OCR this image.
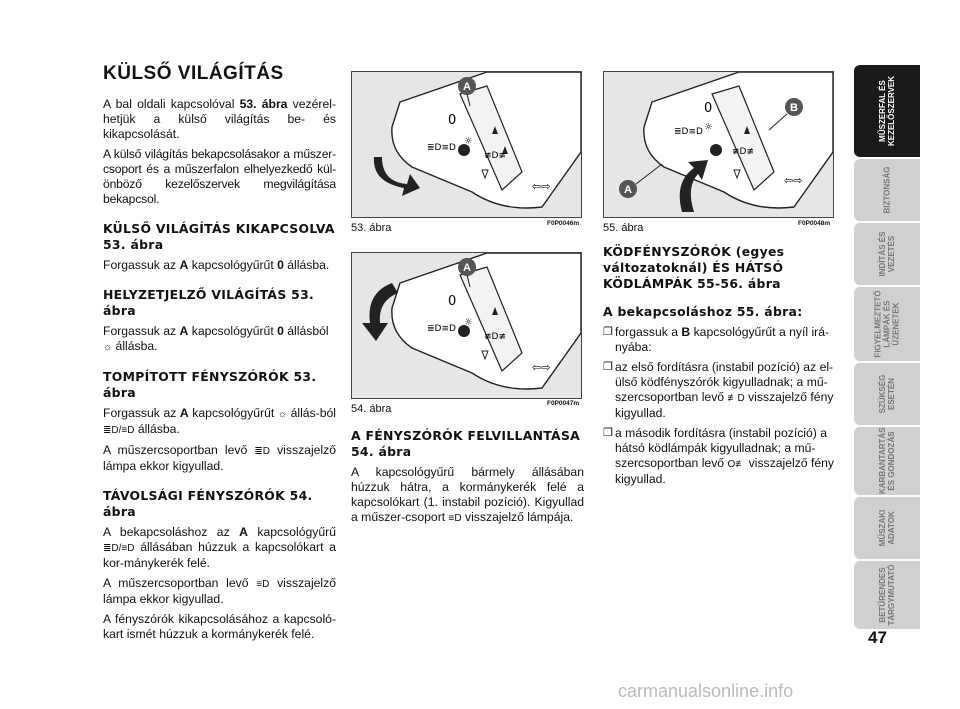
KÜLSŐ VILÁGÍTÁS

A bal oldali kapcsolóval 53. ábra vezérel-hetjük a külső világítás be- és kikapcsolását.

A külső világítás bekapcsolásakor a műszer-csoport és a műszerfalon elhelyezkedő kül-önböző kezelőszervek megvilágítása bekapcsol.

KÜLSŐ VILÁGÍTÁS KIKAPCSOLVA 53. ábra

Forgassuk az A kapcsológyűrűt 0 állásba.

HELYZETJELZŐ VILÁGÍTÁS 53. ábra

Forgassuk az A kapcsológyűrűt 0 állásból
☼ állásba.

TOMPÍTOTT FÉNYSZÓRÓK 53. ábra

Forgassuk az A kapcsológyűrűt ☼ állás-ból ≣D/≡D állásba.

A műszercsoportban levő ≣D visszajelző lámpa ekkor kigyullad.

TÁVOLSÁGI FÉNYSZÓRÓK 54. ábra

A bekapcsoláshoz az A kapcsológyűrű ≣D/≡D állásában húzzuk a kapcsolókart a kor-mánykerék felé.

A műszercsoportban levő ≡D visszajelző lámpa ekkor kigyullad.

A fényszórók kikapcsolásához a kapcsoló-kart ismét húzzuk a kormánykerék felé.

0
☼
≣D≡D
≢D≢
⇦⇨
A
53. ábra	F0P0046m
0
☼
≣D≡D
≢D≢
⇦⇨
A
54. ábra	F0P0047m
A FÉNYSZÓRÓK FELVILLANTÁSA 54. ábra

A kapcsológyűrű bármely állásában húzzuk hátra, a kormánykerék felé a kapcsolókart (1. instabil pozíció). Kigyullad a műszer-csoport ≡D visszajelző lámpája.

0
☼
≣D≡D
≢D≢
⇦⇨
B
A
55. ábra	F0P0048m
KÖDFÉNYSZÓRÓK (egyes változatoknál) ÉS HÁTSÓ KÖDLÁMPÁK 55-56. ábra
A bekapcsoláshoz 55. ábra:
❐ forgassuk a B kapcsológyűrűt a nyíl irá-nyába:
❐ az első fordításra (instabil pozíció) az el-ülső ködfényszórók kigyulladnak; a mű-szercsoportban levő ≢D visszajelző fény kigyullad.
❐ a második fordításra (instabil pozíció) a hátsó ködlámpák kigyulladnak; a mű-szercsoportban levő O≢ visszajelző fény kigyullad.
MŰSZERFAL ÉS KEZELŐSZERVEK
BIZTONSÁG
INDÍTÁS ÉS VEZETÉS
FIGYELMEZTETŐ LÁMPÁK ÉS ÜZENETEK
SZÜKSÉG ESETÉN
KARBANTARTÁS ÉS GONDOZÁS
MŰSZAKI ADATOK
BETŰRENDES TÁRGYMUTATÓ
47
carmanualsonline.info
